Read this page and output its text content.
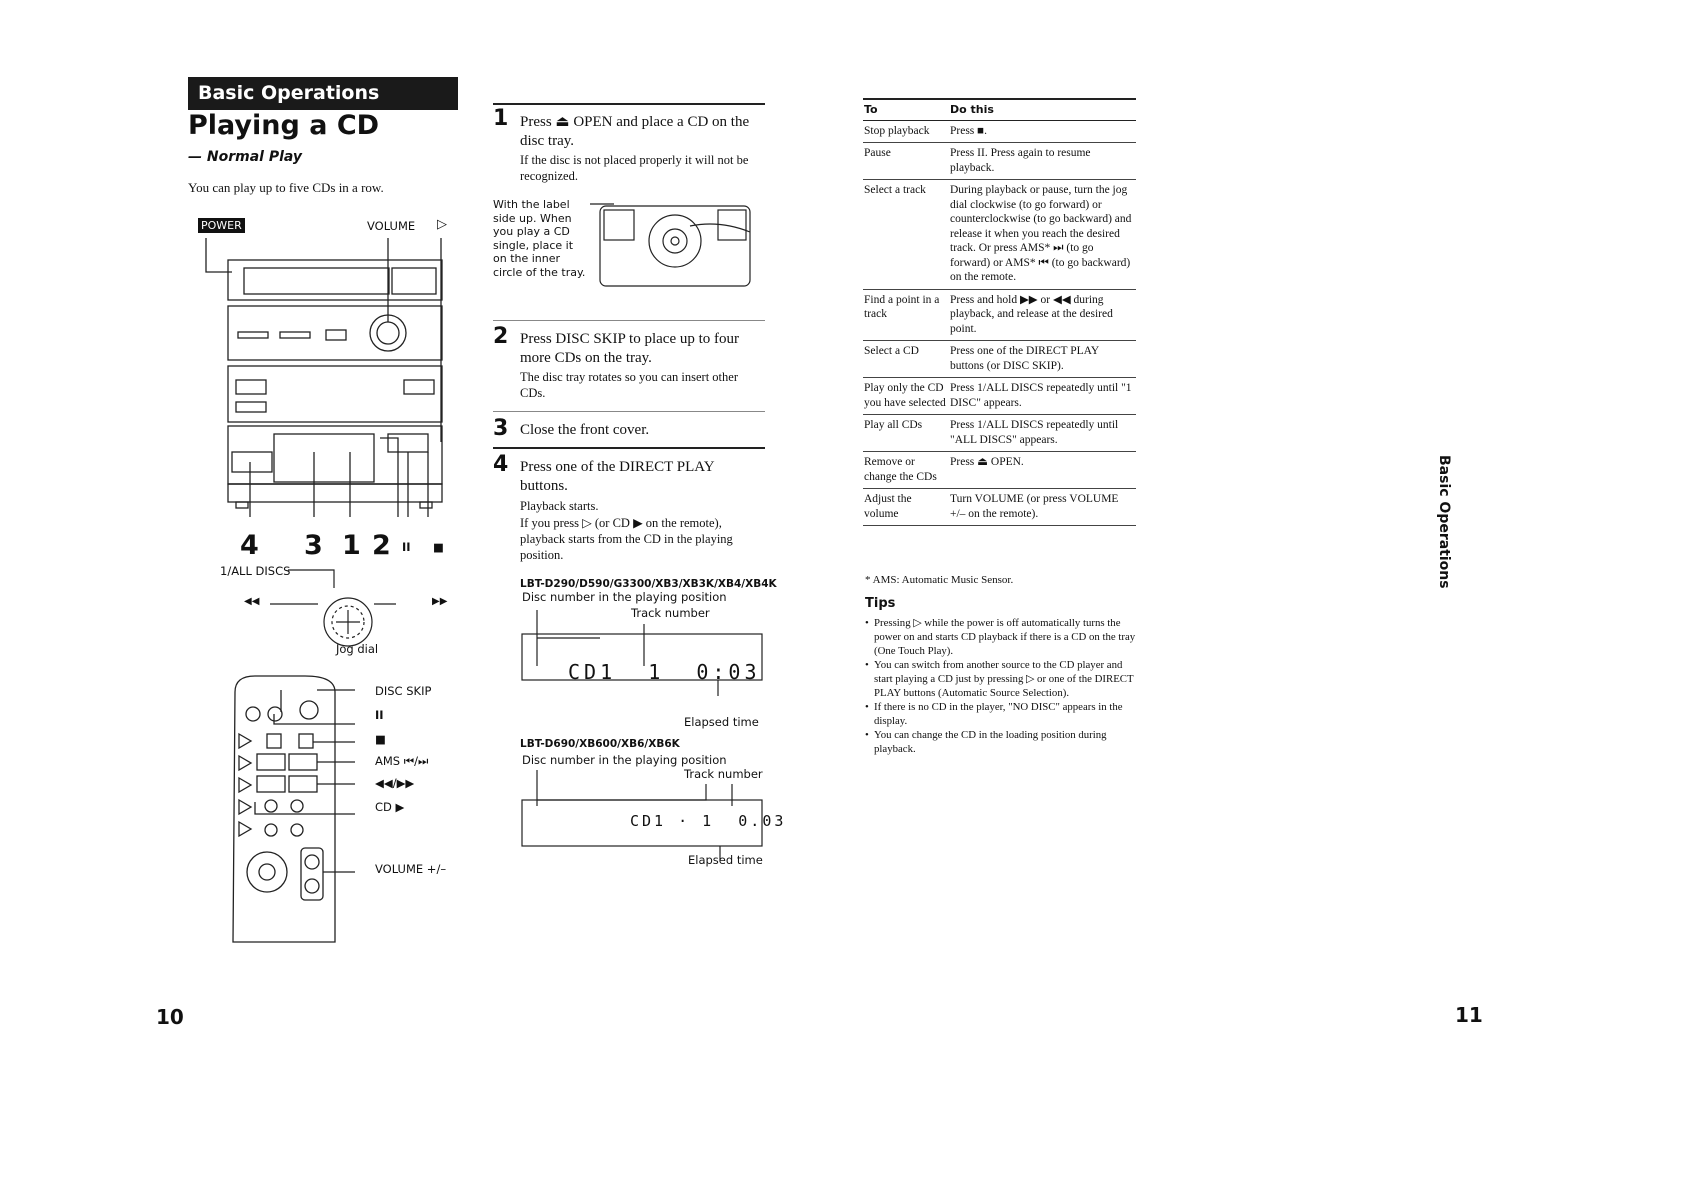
Basic Operations
Playing a CD
— Normal Play
You can play up to five CDs in a row.
POWER	VOLUME ▷
4 3 1 2 II ■
1/ALL DISCS
◀◀	▶▶
Jog dial
DISC SKIP
II
■
AMS ⏮/⏭
◀◀/▶▶
CD ▶
VOLUME +/–
10
1 Press ⏏ OPEN and place a CD on the disc tray.
If the disc is not placed properly it will not be recognized.
With the label side up. When you play a CD single, place it on the inner circle of the tray.
2 Press DISC SKIP to place up to four more CDs on the tray.
The disc tray rotates so you can insert other CDs.
3 Close the front cover.
4 Press one of the DIRECT PLAY buttons.
Playback starts.
If you press ▷ (or CD ▶ on the remote), playback starts from the CD in the playing position.
LBT-D290/D590/G3300/XB3/XB3K/XB4/XB4K
Disc number in the playing position
Track number
CD1  1  0:03
Elapsed time
LBT-D690/XB600/XB6/XB6K
Disc number in the playing position
Track number
CD1 · 1  0.03
Elapsed time
To	Do this
Stop playback	Press ■.
Pause	Press II. Press again to resume playback.
Select a track	During playback or pause, turn the jog dial clockwise (to go forward) or counterclockwise (to go backward) and release it when you reach the desired track. Or press AMS* ⏭ (to go forward) or AMS* ⏮ (to go backward) on the remote.
Find a point in a track	Press and hold ▶▶ or ◀◀ during playback, and release at the desired point.
Select a CD	Press one of the DIRECT PLAY buttons (or DISC SKIP).
Play only the CD you have selected	Press 1/ALL DISCS repeatedly until "1 DISC" appears.
Play all CDs	Press 1/ALL DISCS repeatedly until "ALL DISCS" appears.
Remove or change the CDs	Press ⏏ OPEN.
Adjust the volume	Turn VOLUME (or press VOLUME +/– on the remote).
* AMS: Automatic Music Sensor.
Tips
• Pressing ▷ while the power is off automatically turns the power on and starts CD playback if there is a CD on the tray (One Touch Play).
• You can switch from another source to the CD player and start playing a CD just by pressing ▷ or one of the DIRECT PLAY buttons (Automatic Source Selection).
• If there is no CD in the player, "NO DISC" appears in the display.
• You can change the CD in the loading position during playback.
Basic Operations
11
